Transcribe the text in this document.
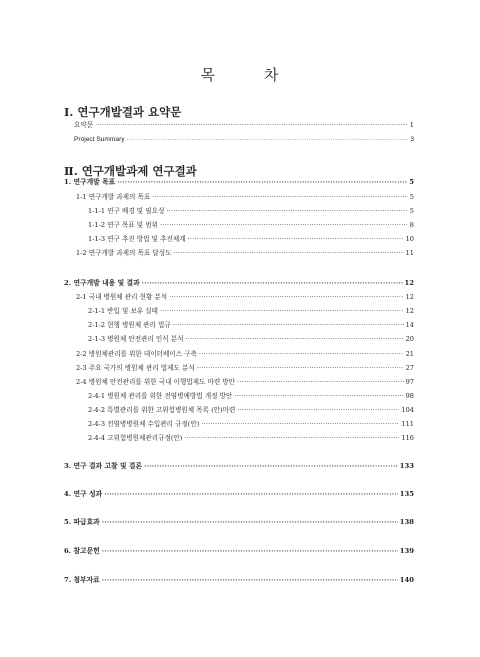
목	차
Ⅰ. 연구개발결과 요약문
요약문 ·····	1
Project Summary ·····	3
Ⅱ. 연구개발과제 연구결과
1. 연구개발 목표 ·····	5
1-1 연구개발 과제의 목표 ·····	5
1-1-1 연구 배경 및 필요성 ·····	5
1-1-2 연구 목표 및 범위 ·····	8
1-1-3 연구 추진 방법 및 추진체계 ·····	10
1-2 연구개발 과제의 목표 달성도 ·····	11
2. 연구개발 내용 및 결과 ·····	12
2-1 국내 병원체 관리 현황 분석 ·····	12
2-1-1 반입 및 보유 실태 ·····	12
2-1-2 현행 병원체 관리 법규 ·····	14
2-1-3 병원체 안전관리 인식 분석 ·····	20
2-2 병원체관리를 위한 데이터베이스 구축 ·····	21
2-3 주요 국가의 병원체 관리 법제도 분석 ·····	27
2-4 병원체 안전관리를 위한 국내 이행법제도 마련 방안 ·····	97
2-4-1 병원체 관리를 위한 전염병예방법 개정 방안 ·····	98
2-4-2 특별관리를 위한 고위험병원체 목록 (안)마련 ·····	104
2-4-3 전염병병원체 수입관리 규정(안) ·····	111
2-4-4 고위험병원체관리규정(안) ·····	116
3. 연구 결과 고찰 및 결론 ·····	133
4. 연구 성과 ·····	135
5. 파급효과 ·····	138
6. 참고문헌 ·····	139
7. 첨부자료 ·····	140
